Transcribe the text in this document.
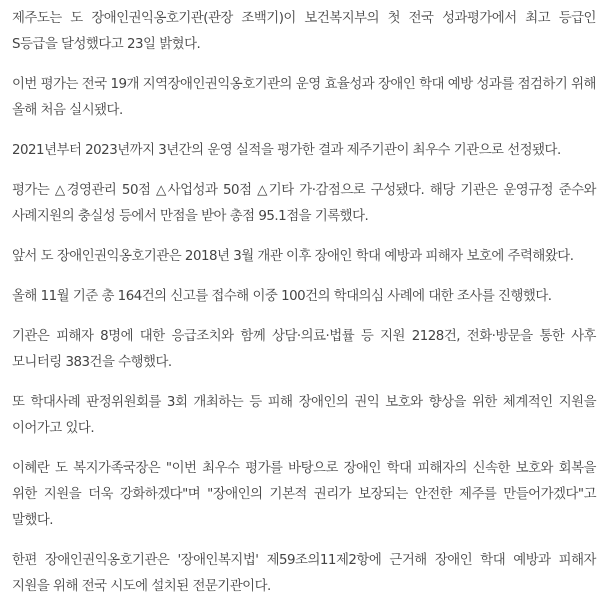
제주도는 도 장애인권익옹호기관(관장 조백기)이 보건복지부의 첫 전국 성과평가에서 최고 등급인 S등급을 달성했다고 23일 밝혔다.

이번 평가는 전국 19개 지역장애인권익옹호기관의 운영 효율성과 장애인 학대 예방 성과를 점검하기 위해 올해 처음 실시됐다.

2021년부터 2023년까지 3년간의 운영 실적을 평가한 결과 제주기관이 최우수 기관으로 선정됐다.

평가는 △경영관리 50점 △사업성과 50점 △기타 가·감점으로 구성됐다. 해당 기관은 운영규정 준수와 사례지원의 충실성 등에서 만점을 받아 총점 95.1점을 기록했다.

앞서 도 장애인권익옹호기관은 2018년 3월 개관 이후 장애인 학대 예방과 피해자 보호에 주력해왔다.

올해 11월 기준 총 164건의 신고를 접수해 이중 100건의 학대의심 사례에 대한 조사를 진행했다.

기관은 피해자 8명에 대한 응급조치와 함께 상담·의료·법률 등 지원 2128건, 전화·방문을 통한 사후 모니터링 383건을 수행했다.

또 학대사례 판정위원회를 3회 개최하는 등 피해 장애인의 권익 보호와 향상을 위한 체계적인 지원을 이어가고 있다.

이혜란 도 복지가족국장은 "이번 최우수 평가를 바탕으로 장애인 학대 피해자의 신속한 보호와 회복을 위한 지원을 더욱 강화하겠다"며 "장애인의 기본적 권리가 보장되는 안전한 제주를 만들어가겠다"고 말했다.

한편 장애인권익옹호기관은 '장애인복지법' 제59조의11제2항에 근거해 장애인 학대 예방과 피해자 지원을 위해 전국 시도에 설치된 전문기관이다.
